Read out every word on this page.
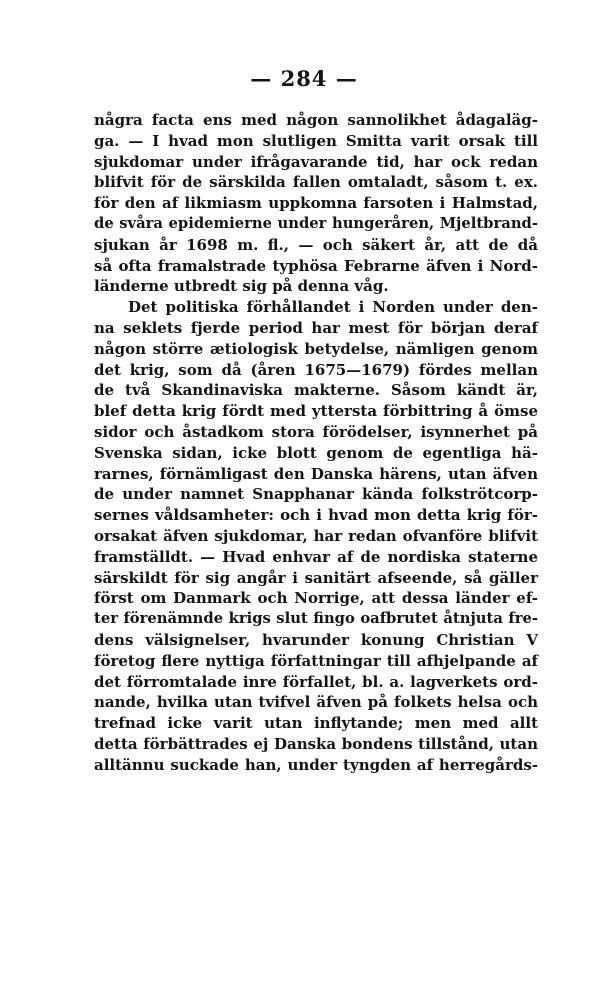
— 284 —
några facta ens med någon sannolikhet ådagaläg-
ga. — I hvad mon slutligen Smitta varit orsak till
sjukdomar under ifrågavarande tid, har ock redan
blifvit för de särskilda fallen omtaladt, såsom t. ex.
för den af likmiasm uppkomna farsoten i Halmstad,
de svåra epidemierne under hungeråren, Mjeltbrand-
sjukan år 1698 m. fl., — och säkert år, att de då
så ofta framalstrade typhösa Febrarne äfven i Nord-
länderne utbredt sig på denna våg.
Det politiska förhållandet i Norden under den-
na seklets fjerde period har mest för början deraf
någon större ætiologisk betydelse, nämligen genom
det krig, som då (åren 1675—1679) fördes mellan
de två Skandinaviska makterne. Såsom kändt är,
blef detta krig fördt med yttersta förbittring å ömse
sidor och åstadkom stora förödelser, isynnerhet på
Svenska sidan, icke blott genom de egentliga hä-
rarnes, förnämligast den Danska härens, utan äfven
de under namnet Snapphanar kända folkströtcorp-
sernes våldsamheter: och i hvad mon detta krig för-
orsakat äfven sjukdomar, har redan ofvanföre blifvit
framställdt. — Hvad enhvar af de nordiska staterne
särskildt för sig angår i sanitärt afseende, så gäller
först om Danmark och Norrige, att dessa länder ef-
ter förenämnde krigs slut fingo oafbrutet åtnjuta fre-
dens välsignelser, hvarunder konung Christian V
företog flere nyttiga författningar till afhjelpande af
det förromtalade inre förfallet, bl. a. lagverkets ord-
nande, hvilka utan tvifvel äfven på folkets helsa och
trefnad icke varit utan inflytande; men med allt
detta förbättrades ej Danska bondens tillstånd, utan
alltännu suckade han, under tyngden af herregårds-
